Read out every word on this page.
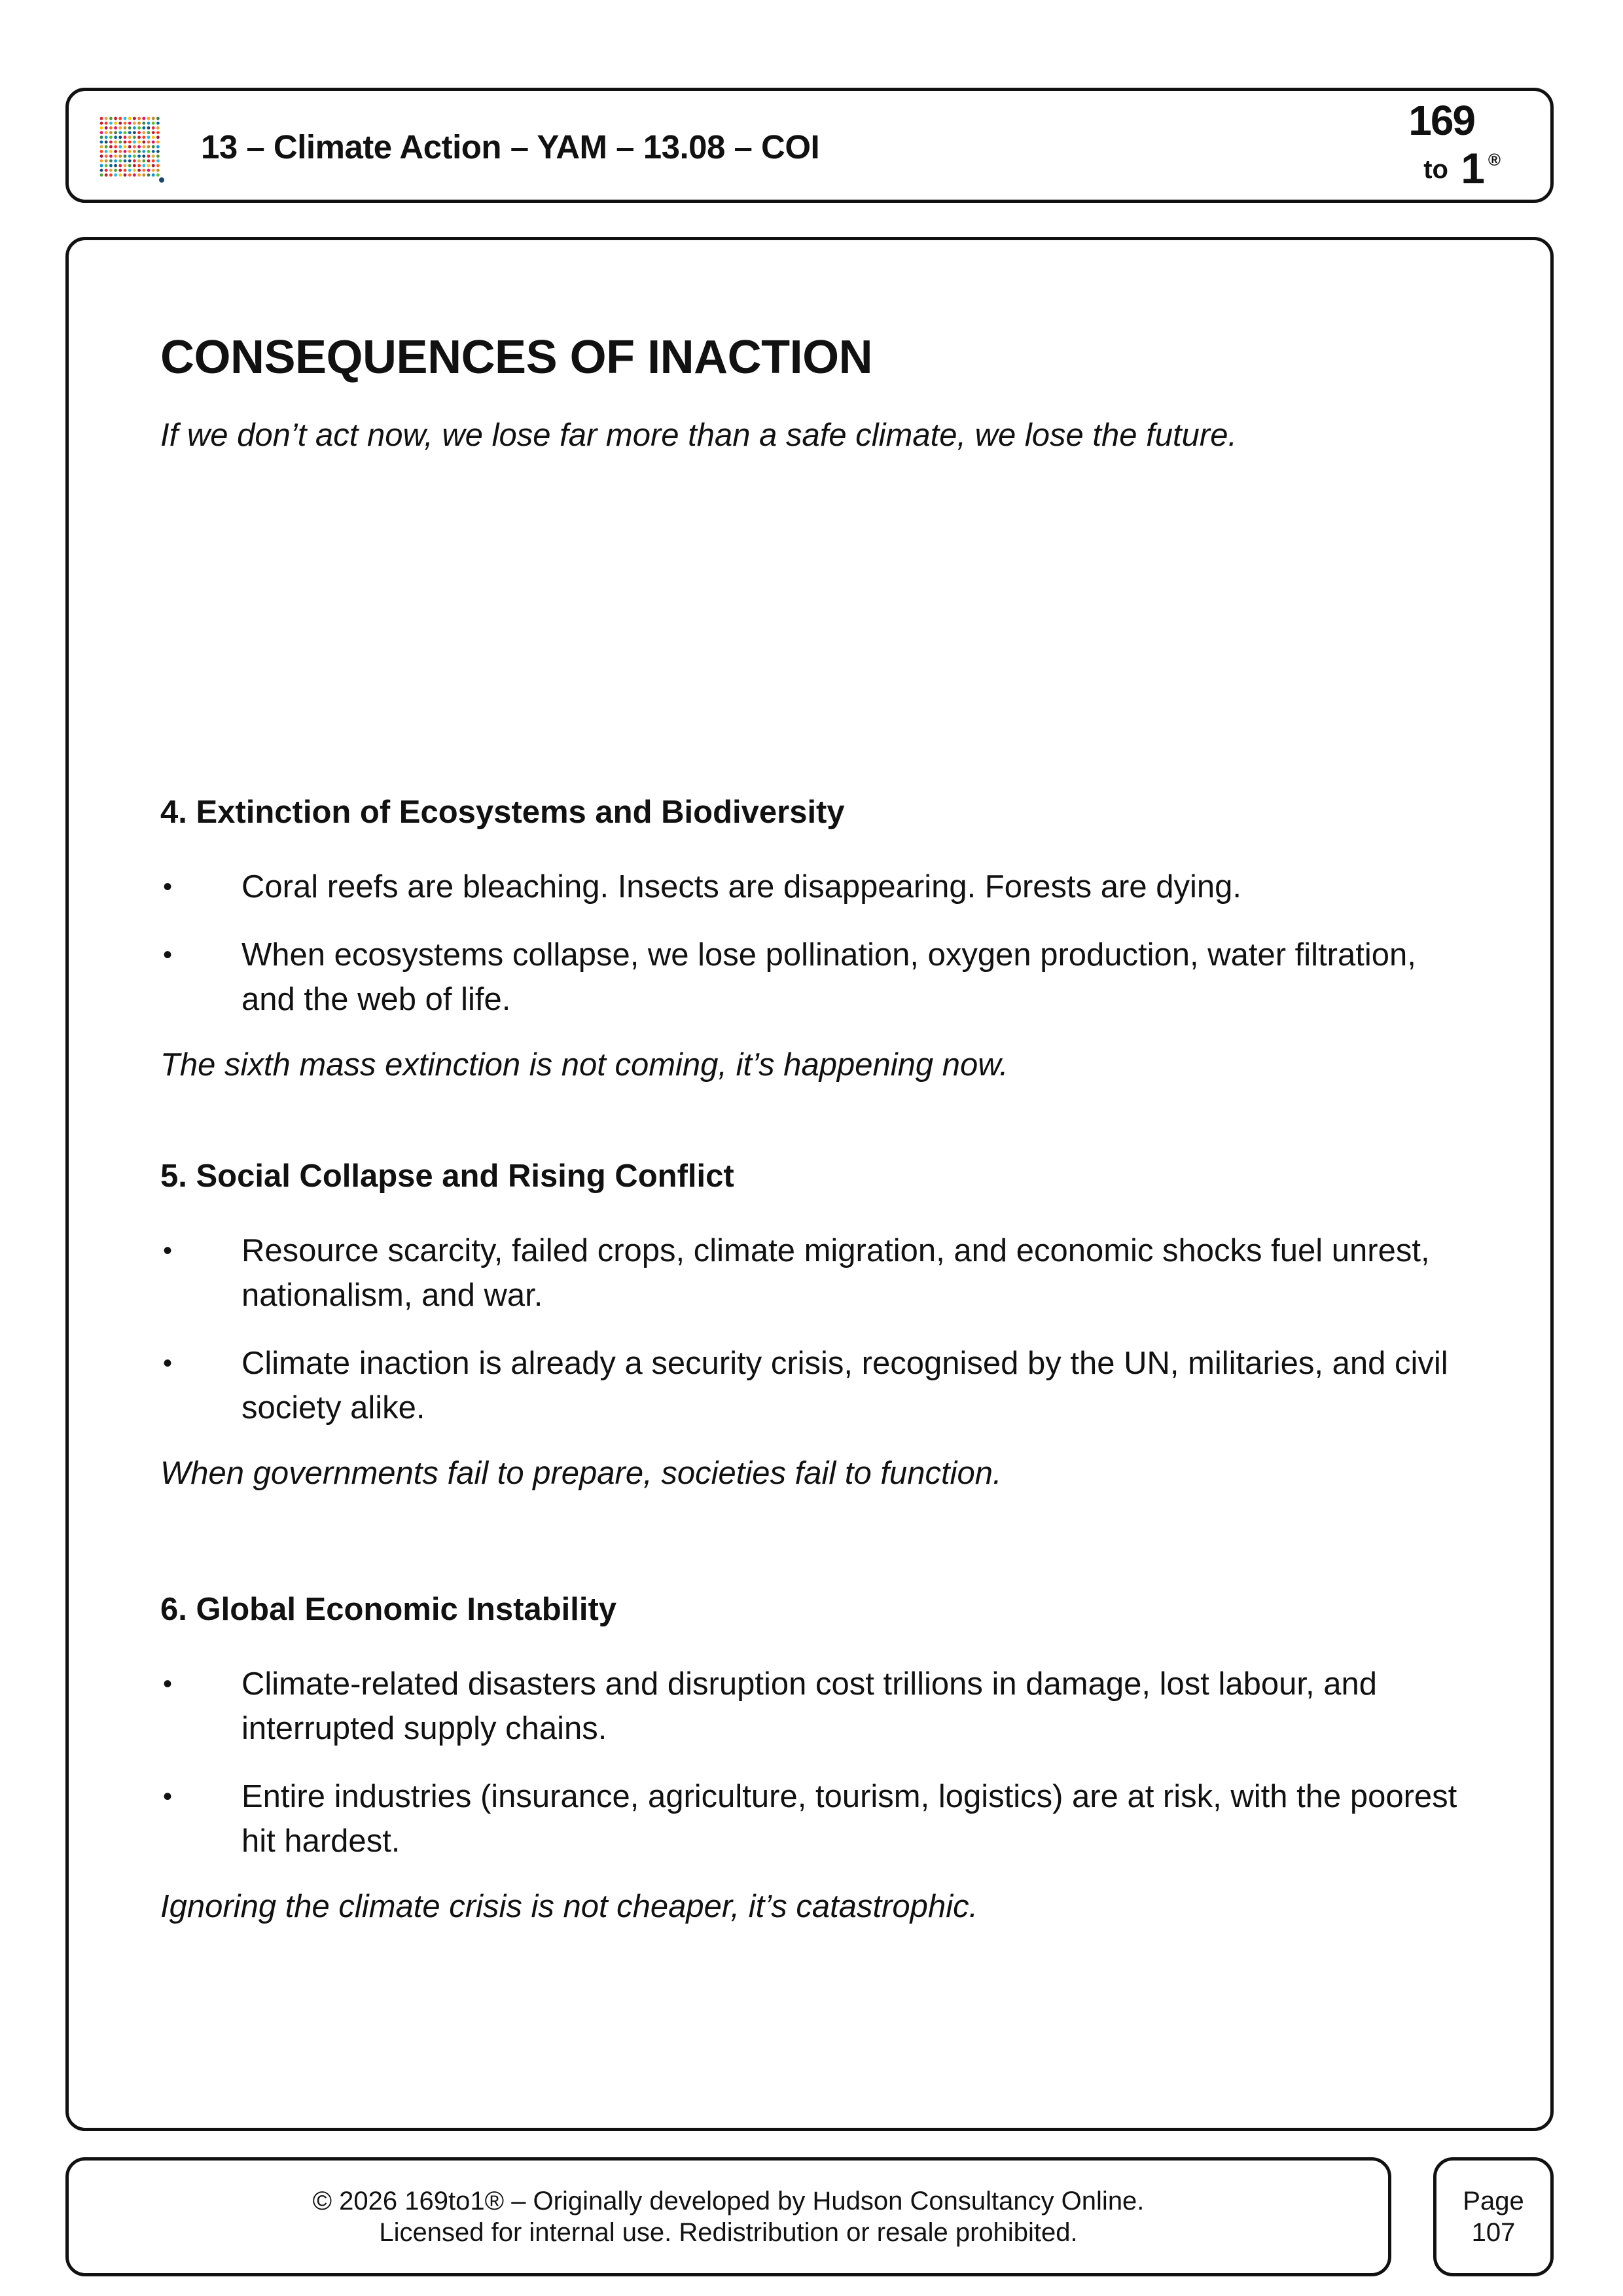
13 – Climate Action – YAM – 13.08 – COI
169
to 1 ®
CONSEQUENCES OF INACTION

If we don’t act now, we lose far more than a safe climate, we lose the future.

4. Extinction of Ecosystems and Biodiversity
• Coral reefs are bleaching. Insects are disappearing. Forests are dying.
• When ecosystems collapse, we lose pollination, oxygen production, water filtration, and the web of life.

The sixth mass extinction is not coming, it’s happening now.

5. Social Collapse and Rising Conflict
• Resource scarcity, failed crops, climate migration, and economic shocks fuel unrest, nationalism, and war.
• Climate inaction is already a security crisis, recognised by the UN, militaries, and civil society alike.

When governments fail to prepare, societies fail to function.

6. Global Economic Instability
• Climate-related disasters and disruption cost trillions in damage, lost labour, and interrupted supply chains.
• Entire industries (insurance, agriculture, tourism, logistics) are at risk, with the poorest hit hardest.

Ignoring the climate crisis is not cheaper, it’s catastrophic.

© 2026 169to1® – Originally developed by Hudson Consultancy Online.
Licensed for internal use. Redistribution or resale prohibited.
Page
107
